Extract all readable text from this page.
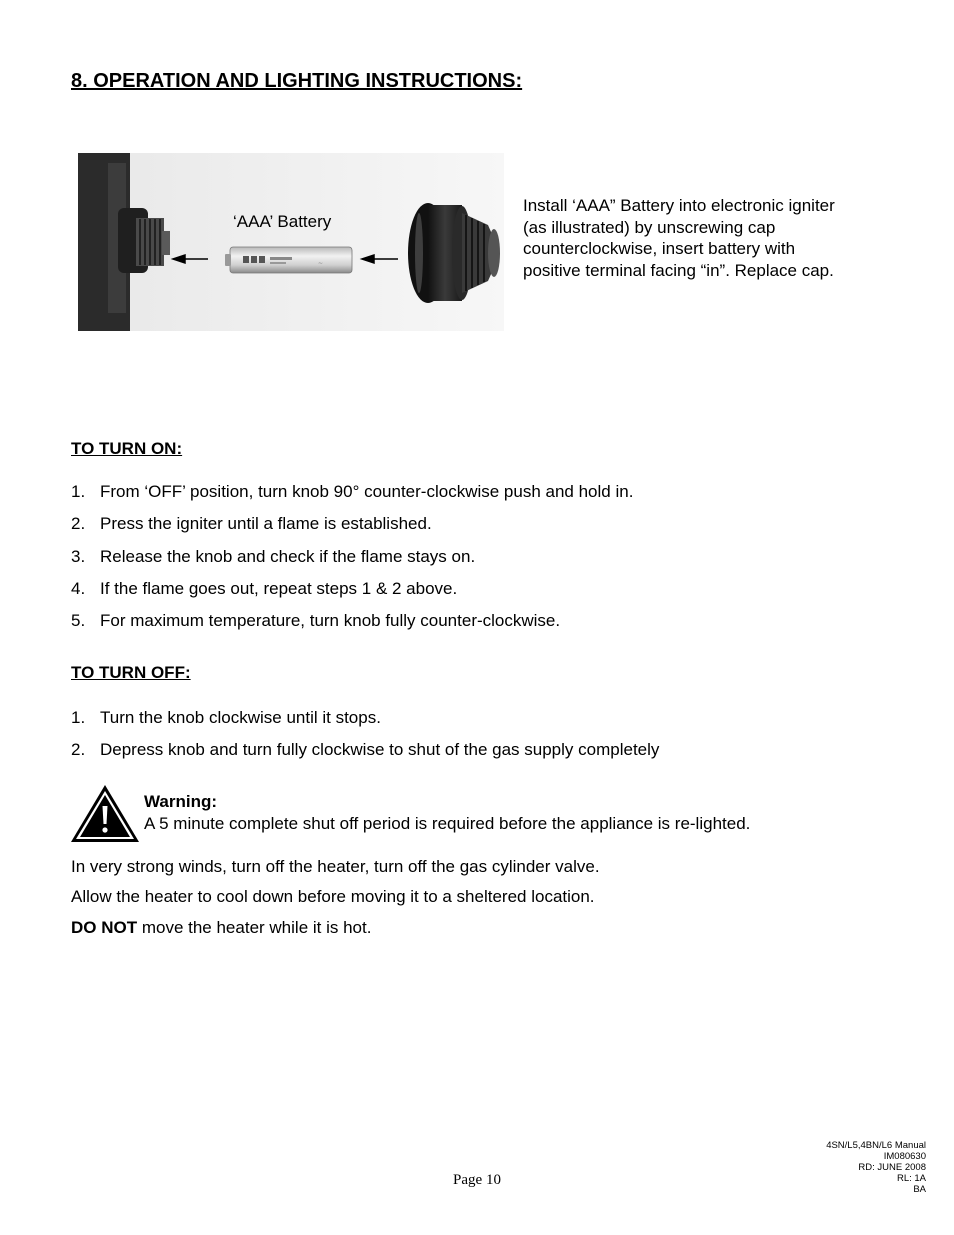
8. OPERATION AND LIGHTING INSTRUCTIONS:
~
‘AAA’ Battery
Install ‘AAA” Battery into electronic igniter
(as illustrated) by unscrewing cap
counterclockwise, insert battery with
positive terminal facing “in”. Replace cap.
TO TURN ON:
1. From ‘OFF’ position, turn knob 90° counter-clockwise push and hold in.
2. Press the igniter until a flame is established.
3. Release the knob and check if the flame stays on.
4. If the flame goes out, repeat steps 1 & 2 above.
5. For maximum temperature, turn knob fully counter-clockwise.
TO TURN OFF:
1. Turn the knob clockwise until it stops.
2. Depress knob and turn fully clockwise to shut of the gas supply completely
Warning:
A 5 minute complete shut off period is required before the appliance is re-lighted.
In very strong winds, turn off the heater, turn off the gas cylinder valve.
Allow the heater to cool down before moving it to a sheltered location.
DO NOT move the heater while it is hot.
Page 10
4SN/L5,4BN/L6 Manual
IM080630
RD: JUNE 2008
RL: 1A
BA
